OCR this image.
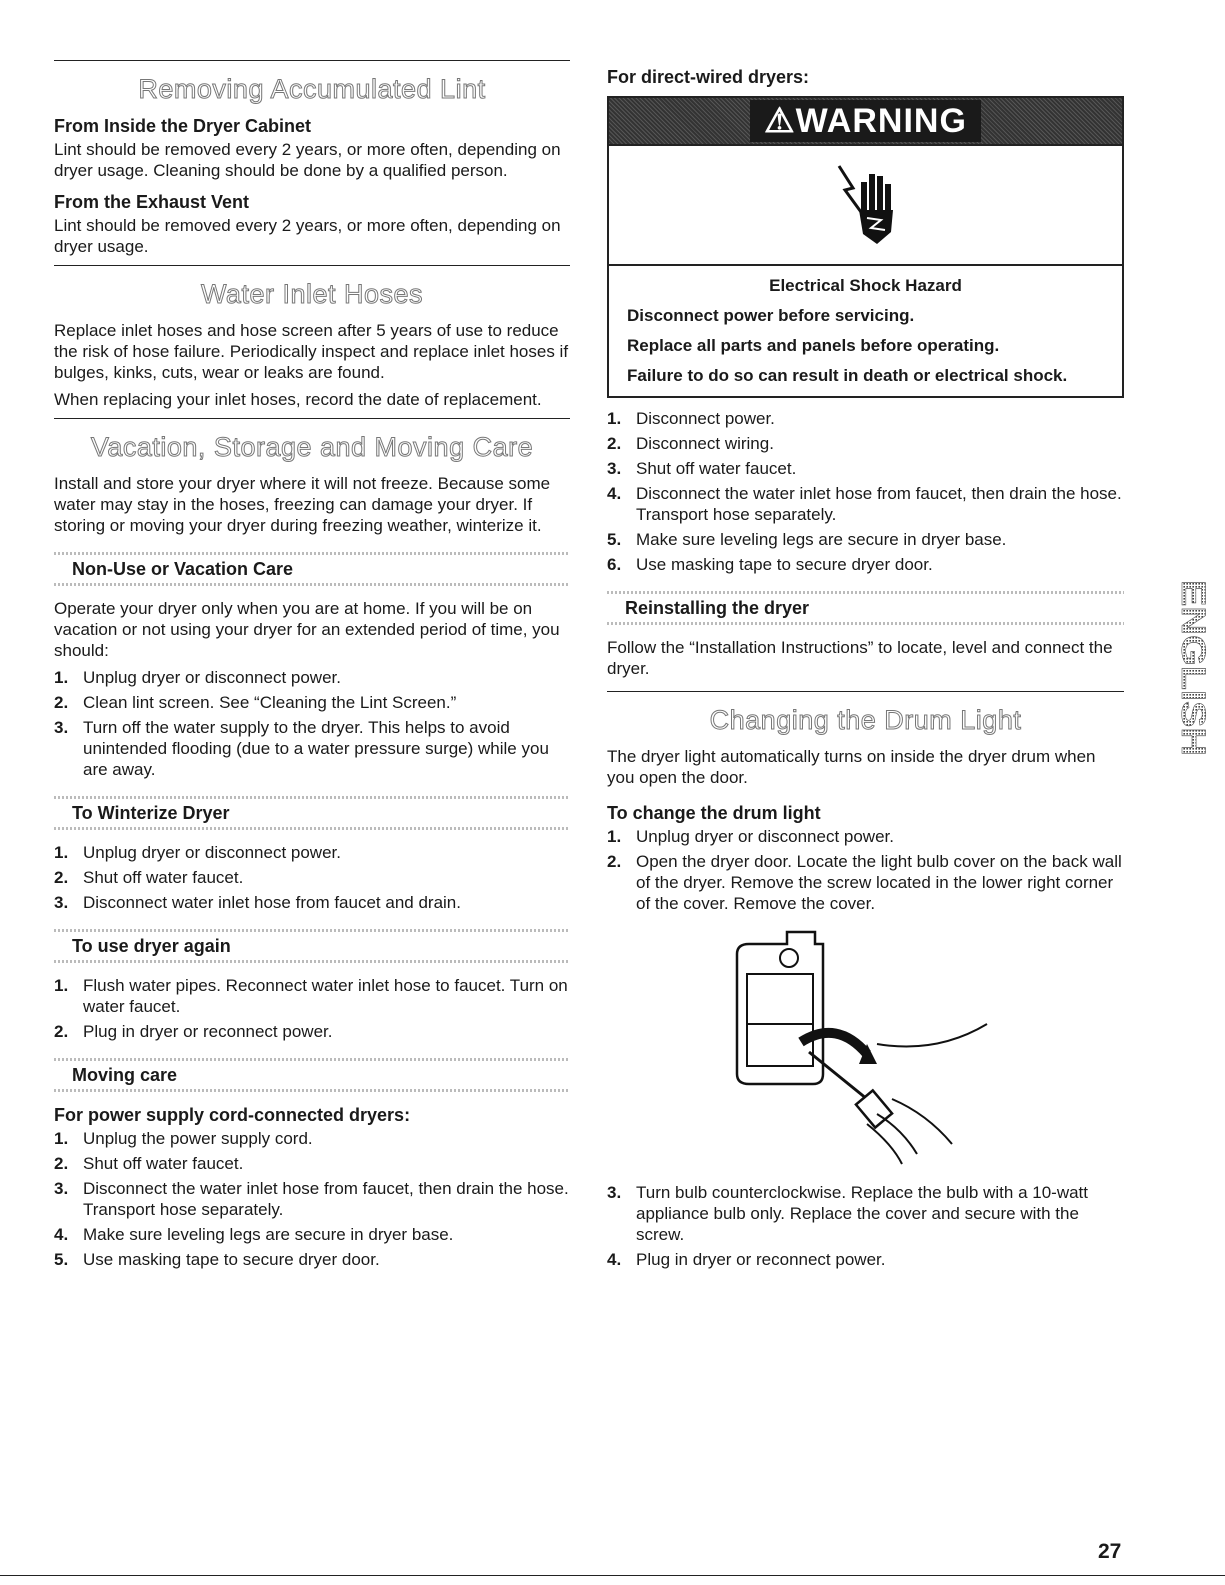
Removing Accumulated Lint
From Inside the Dryer Cabinet

Lint should be removed every 2 years, or more often, depending on dryer usage. Cleaning should be done by a qualified person.

From the Exhaust Vent

Lint should be removed every 2 years, or more often, depending on dryer usage.

Water Inlet Hoses

Replace inlet hoses and hose screen after 5 years of use to reduce the risk of hose failure. Periodically inspect and replace inlet hoses if bulges, kinks, cuts, wear or leaks are found.

When replacing your inlet hoses, record the date of replacement.

Vacation, Storage and Moving Care

Install and store your dryer where it will not freeze. Because some water may stay in the hoses, freezing can damage your dryer. If storing or moving your dryer during freezing weather, winterize it.

Non-Use or Vacation Care

Operate your dryer only when you are at home. If you will be on vacation or not using your dryer for an extended period of time, you should:

1. Unplug dryer or disconnect power.
2. Clean lint screen. See “Cleaning the Lint Screen.”
3. Turn off the water supply to the dryer. This helps to avoid unintended flooding (due to a water pressure surge) while you are away.
To Winterize Dryer
1. Unplug dryer or disconnect power.
2. Shut off water faucet.
3. Disconnect water inlet hose from faucet and drain.
To use dryer again
1. Flush water pipes. Reconnect water inlet hose to faucet. Turn on water faucet.
2. Plug in dryer or reconnect power.
Moving care
For power supply cord-connected dryers:
1. Unplug the power supply cord.
2. Shut off water faucet.
3. Disconnect the water inlet hose from faucet, then drain the hose. Transport hose separately.
4. Make sure leveling legs are secure in dryer base.
5. Use masking tape to secure dryer door.
For direct-wired dryers:
⚠WARNING
Electrical Shock Hazard
Disconnect power before servicing.
Replace all parts and panels before operating.
Failure to do so can result in death or electrical shock.
1. Disconnect power.
2. Disconnect wiring.
3. Shut off water faucet.
4. Disconnect the water inlet hose from faucet, then drain the hose. Transport hose separately.
5. Make sure leveling legs are secure in dryer base.
6. Use masking tape to secure dryer door.
Reinstalling the dryer

Follow the “Installation Instructions” to locate, level and connect the dryer.

Changing the Drum Light

The dryer light automatically turns on inside the dryer drum when you open the door.

To change the drum light
1. Unplug dryer or disconnect power.
2. Open the dryer door. Locate the light bulb cover on the back wall of the dryer. Remove the screw located in the lower right corner of the cover. Remove the cover.
3. Turn bulb counterclockwise. Replace the bulb with a 10-watt appliance bulb only. Replace the cover and secure with the screw.
4. Plug in dryer or reconnect power.
ENGLISH
27
